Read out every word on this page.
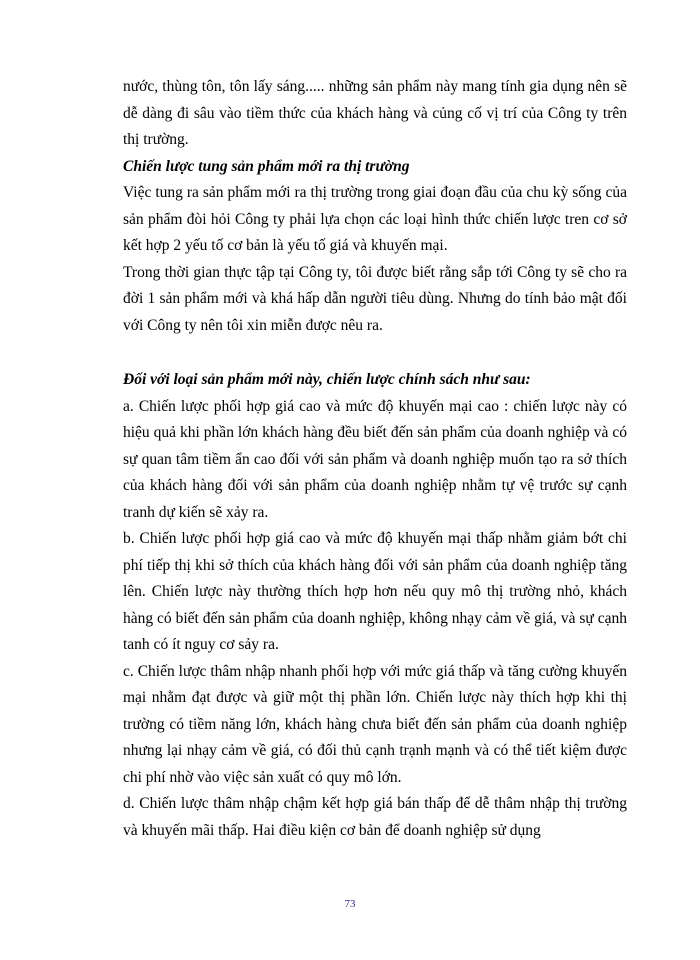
nước, thùng tôn, tôn lấy sáng..... những sản phẩm này mang tính gia dụng nên sẽ dễ dàng đi sâu vào tiềm thức của khách hàng và củng cố vị trí của Công ty trên thị trường.

Chiến lược tung sản phẩm mới ra thị trường

Việc tung ra sản phẩm mới ra thị trường trong giai đoạn đầu của chu kỳ sống của sản phẩm đòi hỏi Công ty phải lựa chọn các loại hình thức chiến lược tren cơ sở kết hợp 2 yếu tố cơ bản là yếu tố giá và khuyến mại.

Trong thời gian thực tập tại Công ty, tôi được biết rằng sắp tới Công ty sẽ cho ra đời 1 sản phẩm mới và khá hấp dẫn người tiêu dùng. Nhưng do tính bảo mật đối với Công ty nên tôi xin miễn được nêu ra.

Đối với loại sản phẩm mới này, chiến lược chính sách như sau:

a. Chiến lược phối hợp giá cao và mức độ khuyến mại cao : chiến lược này có hiệu quả khi phần lớn khách hàng đều biết đến sản phẩm của doanh nghiệp và có sự quan tâm tiềm ẩn cao đối với sản phẩm và doanh nghiệp muốn tạo ra sở thích của khách hàng đối với sản phẩm của doanh nghiệp nhằm tự vệ trước sự cạnh tranh dự kiến sẽ xảy ra.

b. Chiến lược phối hợp giá cao và mức độ khuyến mại thấp nhằm giảm bớt chi phí tiếp thị khi sở thích của khách hàng đối với sản phẩm của doanh nghiệp tăng lên. Chiến lược này thường thích hợp hơn nếu quy mô thị trường nhỏ, khách hàng có biết đến sản phẩm của doanh nghiệp, không nhạy cảm về giá, và sự cạnh tanh có ít nguy cơ sảy ra.

c. Chiến lược thâm nhập nhanh phối hợp với mức giá thấp và tăng cường khuyến mại nhằm đạt được và giữ một thị phần lớn. Chiến lược này thích hợp khi thị trường có tiềm năng lớn, khách hàng chưa biết đến sản phẩm của doanh nghiệp nhưng lại nhạy cảm về giá, có đối thủ cạnh trạnh mạnh và có thể tiết kiệm được chi phí nhờ vào việc sản xuất có quy mô lớn.

d. Chiến lược thâm nhập chậm kết hợp giá bán thấp để dễ thâm nhập thị trường và khuyến mãi thấp. Hai điều kiện cơ bản để doanh nghiệp sử dụng

73
